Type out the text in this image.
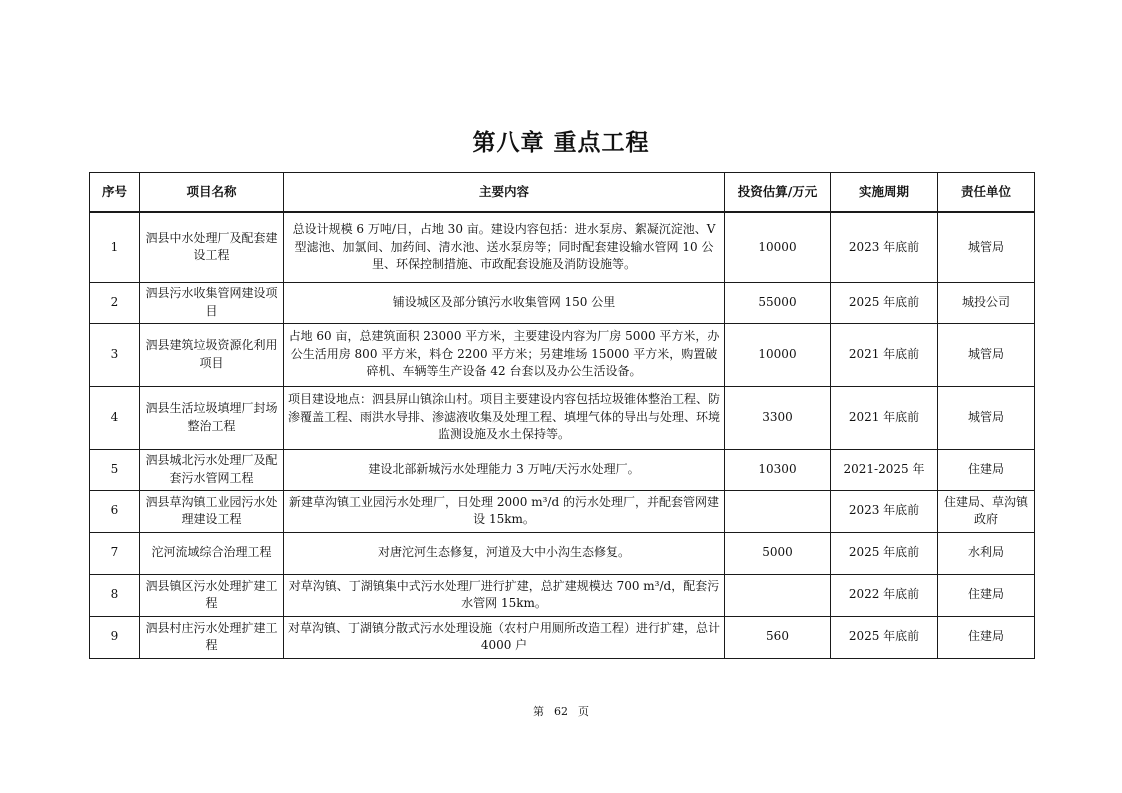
第八章 重点工程
序号	项目名称	主要内容	投资估算/万元	实施周期	责任单位
1	泗县中水处理厂及配套建设工程	总设计规模 6 万吨/日，占地 30 亩。建设内容包括：进水泵房、絮凝沉淀池、V 型滤池、加氯间、加药间、清水池、送水泵房等；同时配套建设输水管网 10 公里、环保控制措施、市政配套设施及消防设施等。	10000	2023 年底前	城管局
2	泗县污水收集管网建设项目	铺设城区及部分镇污水收集管网 150 公里	55000	2025 年底前	城投公司
3	泗县建筑垃圾资源化利用项目	占地 60 亩，总建筑面积 23000 平方米，主要建设内容为厂房 5000 平方米，办公生活用房 800 平方米，料仓 2200 平方米；另建堆场 15000 平方米，购置破碎机、车辆等生产设备 42 台套以及办公生活设备。	10000	2021 年底前	城管局
4	泗县生活垃圾填埋厂封场整治工程	项目建设地点：泗县屏山镇涂山村。项目主要建设内容包括垃圾锥体整治工程、防渗覆盖工程、雨洪水导排、渗滤液收集及处理工程、填埋气体的导出与处理、环境监测设施及水土保持等。	3300	2021 年底前	城管局
5	泗县城北污水处理厂及配套污水管网工程	建设北部新城污水处理能力 3 万吨/天污水处理厂。	10300	2021-2025 年	住建局
6	泗县草沟镇工业园污水处理建设工程	新建草沟镇工业园污水处理厂，日处理 2000 m³/d 的污水处理厂，并配套管网建设 15km。		2023 年底前	住建局、草沟镇政府
7	沱河流域综合治理工程	对唐沱河生态修复，河道及大中小沟生态修复。	5000	2025 年底前	水利局
8	泗县镇区污水处理扩建工程	对草沟镇、丁湖镇集中式污水处理厂进行扩建，总扩建规模达 700 m³/d，配套污水管网 15km。		2022 年底前	住建局
9	泗县村庄污水处理扩建工程	对草沟镇、丁湖镇分散式污水处理设施（农村户用厕所改造工程）进行扩建，总计 4000 户	560	2025 年底前	住建局
第 62 页
